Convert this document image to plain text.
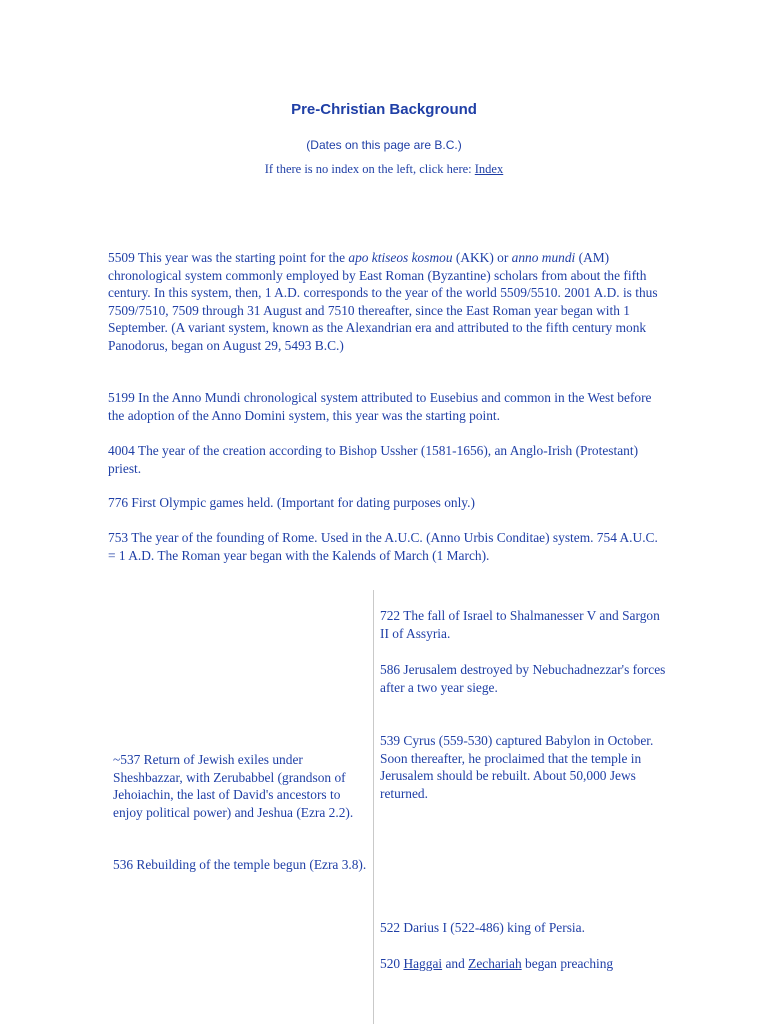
Pre-Christian Background
(Dates on this page are B.C.)
If there is no index on the left, click here: Index

5509 This year was the starting point for the apo ktiseos kosmou (AKK) or anno mundi (AM) chronological system commonly employed by East Roman (Byzantine) scholars from about the fifth century. In this system, then, 1 A.D. corresponds to the year of the world 5509/5510. 2001 A.D. is thus 7509/7510, 7509 through 31 August and 7510 thereafter, since the East Roman year began with 1 September. (A variant system, known as the Alexandrian era and attributed to the fifth century monk Panodorus, began on August 29, 5493 B.C.)

5199 In the Anno Mundi chronological system attributed to Eusebius and common in the West before the adoption of the Anno Domini system, this year was the starting point.

4004 The year of the creation according to Bishop Ussher (1581-1656), an Anglo-Irish (Protestant) priest.

776 First Olympic games held. (Important for dating purposes only.)

753 The year of the founding of Rome. Used in the A.U.C. (Anno Urbis Conditae) system. 754 A.U.C. = 1 A.D. The Roman year began with the Kalends of March (1 March).

722 The fall of Israel to Shalmanesser V and Sargon II of Assyria.

586 Jerusalem destroyed by Nebuchadnezzar's forces after a two year siege.

539 Cyrus (559-530) captured Babylon in October. Soon thereafter, he proclaimed that the temple in Jerusalem should be rebuilt. About 50,000 Jews returned.

~537 Return of Jewish exiles under Sheshbazzar, with Zerubabbel (grandson of Jehoiachin, the last of David's ancestors to enjoy political power) and Jeshua (Ezra 2.2).

536 Rebuilding of the temple begun (Ezra 3.8).

522 Darius I (522-486) king of Persia.

520 Haggai and Zechariah began preaching
